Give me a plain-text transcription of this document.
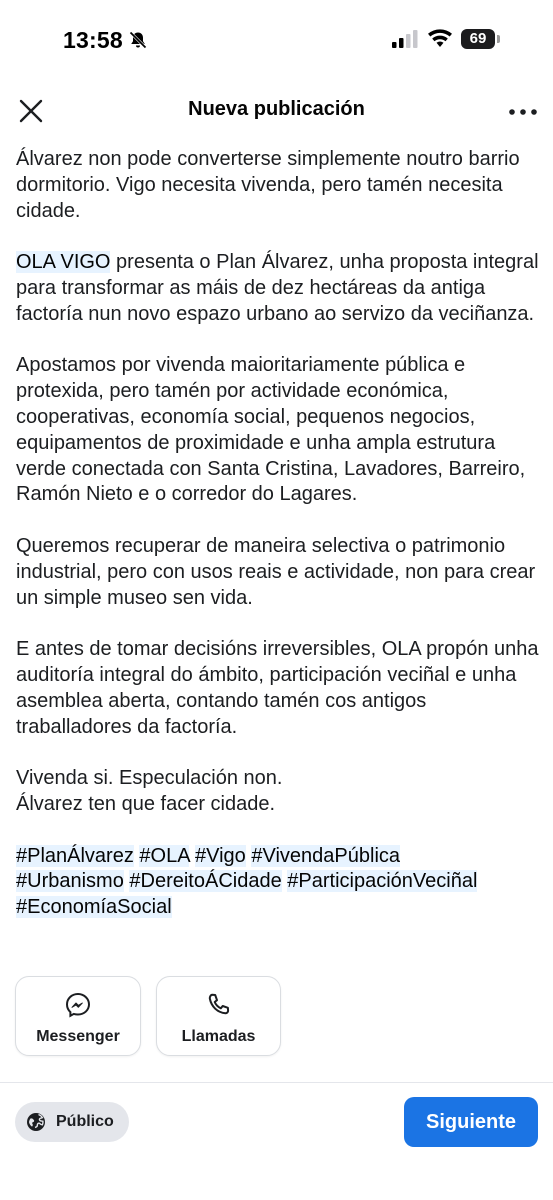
13:58	69
Nueva publicación

Álvarez non pode converterse simplemente noutro barrio dormitorio. Vigo necesita vivenda, pero tamén necesita cidade.

OLA VIGO presenta o Plan Álvarez, unha proposta integral para transformar as máis de dez hectáreas da antiga factoría nun novo espazo urbano ao servizo da veciñanza.

Apostamos por vivenda maioritariamente pública e protexida, pero tamén por actividade económica, cooperativas, economía social, pequenos negocios, equipamentos de proximidade e unha ampla estrutura verde conectada con Santa Cristina, Lavadores, Barreiro, Ramón Nieto e o corredor do Lagares.

Queremos recuperar de maneira selectiva o patrimonio industrial, pero con usos reais e actividade, non para crear un simple museo sen vida.

E antes de tomar decisións irreversibles, OLA propón unha auditoría integral do ámbito, participación veciñal e unha asemblea aberta, contando tamén cos antigos traballadores da factoría.

Vivenda si. Especulación non.
Álvarez ten que facer cidade.

#PlanÁlvarez #OLA #Vigo #VivendaPública
#Urbanismo #DereitoÁCidade #ParticipaciónVeciñal
#EconomíaSocial

Messenger	Llamadas
Público	Siguiente
